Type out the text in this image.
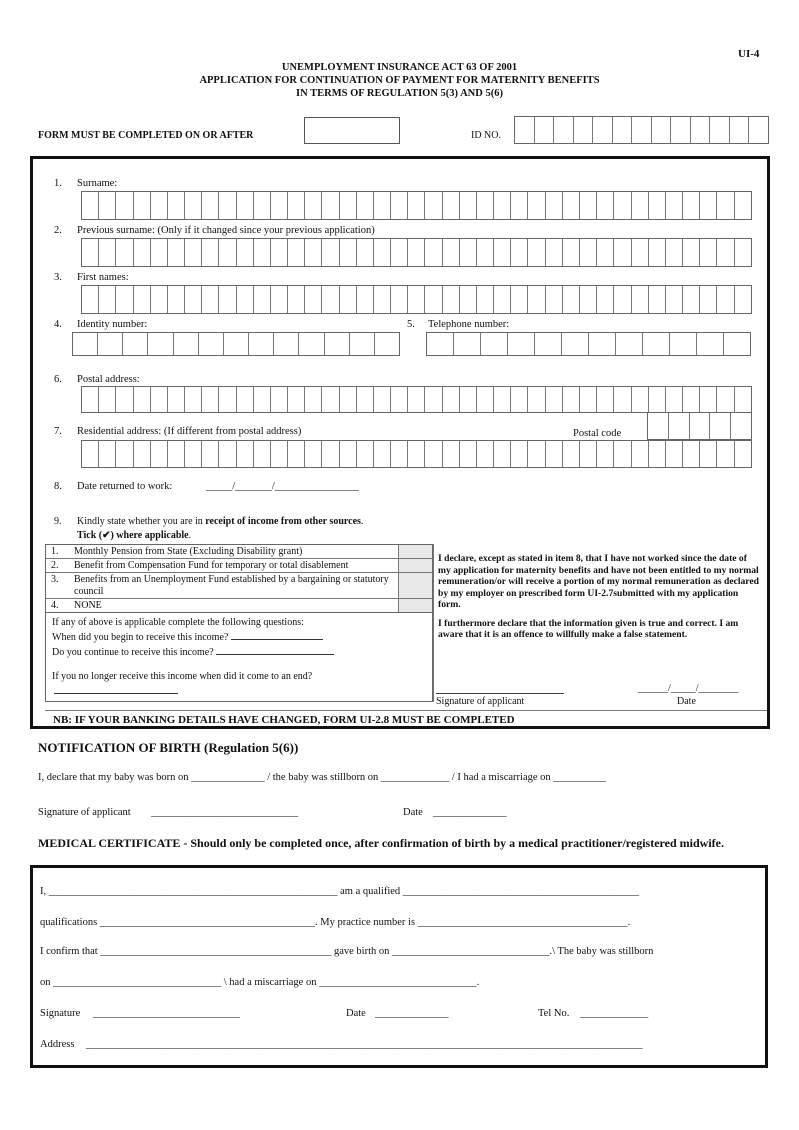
UI-4
UNEMPLOYMENT INSURANCE ACT 63 OF 2001
APPLICATION FOR CONTINUATION OF PAYMENT FOR MATERNITY BENEFITS
IN TERMS OF REGULATION 5(3) AND 5(6)
FORM MUST BE COMPLETED ON OR AFTER	ID NO.
1. Surname:
2. Previous surname: (Only if it changed since your previous application)
3. First names:
4. Identity number:	5. Telephone number:
6. Postal address:
Postal code
7. Residential address: (If different from postal address)
8. Date returned to work:	_____/_______/________________
9. Kindly state whether you are in receipt of income from other sources.
Tick (✔) where applicable.
1.	Monthly Pension from State (Excluding Disability grant)
2.	Benefit from Compensation Fund for temporary or total disablement
3.	Benefits from an Unemployment Fund established by a bargaining or statutory council
4.	NONE
If any of above is applicable complete the following questions:
When did you begin to receive this income?
Do you continue to receive this income?
If you no longer receive this income when did it come to an end?

I declare, except as stated in item 8, that I have not worked since the date of my application for maternity benefits and have not been entitled to my normal remuneration/or will receive a portion of my normal remuneration as declared by my employer on prescribed form UI-2.7submitted with my application form.

I furthermore declare that the information given is true and correct. I am aware that it is an offence to willfully make a false statement.

Signature of applicant
______/_____/________
Date
NB: IF YOUR BANKING DETAILS HAVE CHANGED, FORM UI-2.8 MUST BE COMPLETED
NOTIFICATION OF BIRTH (Regulation 5(6))
I, declare that my baby was born on ______________ / the baby was stillborn on _____________ / I had a miscarriage on __________
Signature of applicant ____________________________	Date ______________
MEDICAL CERTIFICATE - Should only be completed once, after confirmation of birth by a medical practitioner/registered midwife.
I, _______________________________________________________ am a qualified _____________________________________________
qualifications _________________________________________. My practice number is ________________________________________.
I confirm that ____________________________________________ gave birth on ______________________________.\ The baby was stillborn
on ________________________________ \ had a miscarriage on ______________________________.
Signature ____________________________	Date ______________	Tel No. _____________
Address __________________________________________________________________________________________________________
